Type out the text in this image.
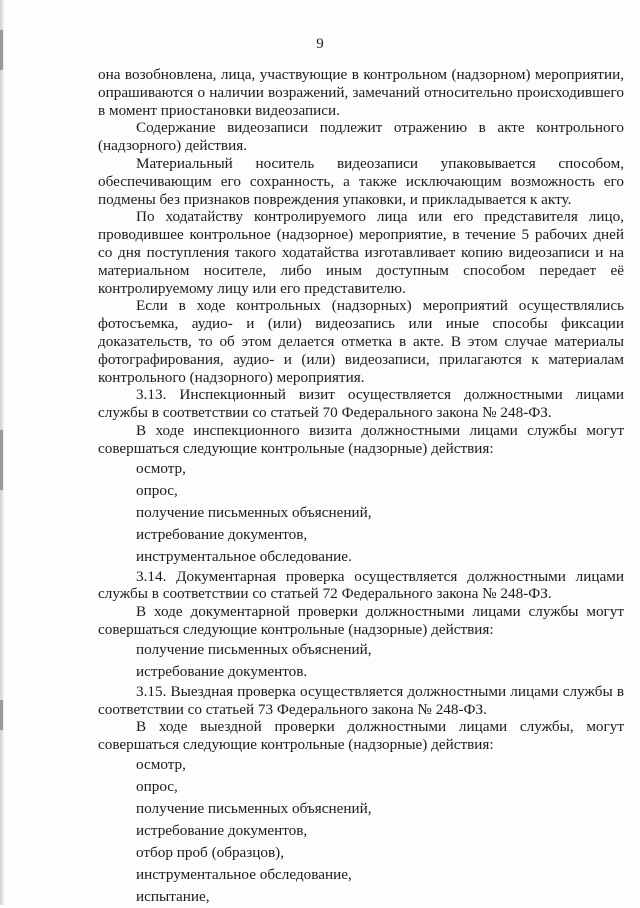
9

она возобновлена, лица, участвующие в контрольном (надзорном) мероприятии, опрашиваются о наличии возражений, замечаний относительно происходившего в момент приостановки видеозаписи.

Содержание видеозаписи подлежит отражению в акте контрольного (надзорного) действия.

Материальный носитель видеозаписи упаковывается способом, обеспечивающим его сохранность, а также исключающим возможность его подмены без признаков повреждения упаковки, и прикладывается к акту.

По ходатайству контролируемого лица или его представителя лицо, проводившее контрольное (надзорное) мероприятие, в течение 5 рабочих дней со дня поступления такого ходатайства изготавливает копию видеозаписи и на материальном носителе, либо иным доступным способом передает её контролируемому лицу или его представителю.

Если в ходе контрольных (надзорных) мероприятий осуществлялись фотосъемка, аудио- и (или) видеозапись или иные способы фиксации доказательств, то об этом делается отметка в акте. В этом случае материалы фотографирования, аудио- и (или) видеозаписи, прилагаются к материалам контрольного (надзорного) мероприятия.

3.13. Инспекционный визит осуществляется должностными лицами службы в соответствии со статьей 70 Федерального закона № 248-ФЗ.

В ходе инспекционного визита должностными лицами службы могут совершаться следующие контрольные (надзорные) действия:

осмотр,

опрос,

получение письменных объяснений,

истребование документов,

инструментальное обследование.

3.14. Документарная проверка осуществляется должностными лицами службы в соответствии со статьей 72 Федерального закона № 248-ФЗ.

В ходе документарной проверки должностными лицами службы могут совершаться следующие контрольные (надзорные) действия:

получение письменных объяснений,

истребование документов.

3.15. Выездная проверка осуществляется должностными лицами службы в соответствии со статьей 73 Федерального закона № 248-ФЗ.

В ходе выездной проверки должностными лицами службы, могут совершаться следующие контрольные (надзорные) действия:

осмотр,

опрос,

получение письменных объяснений,

истребование документов,

отбор проб (образцов),

инструментальное обследование,

испытание,
